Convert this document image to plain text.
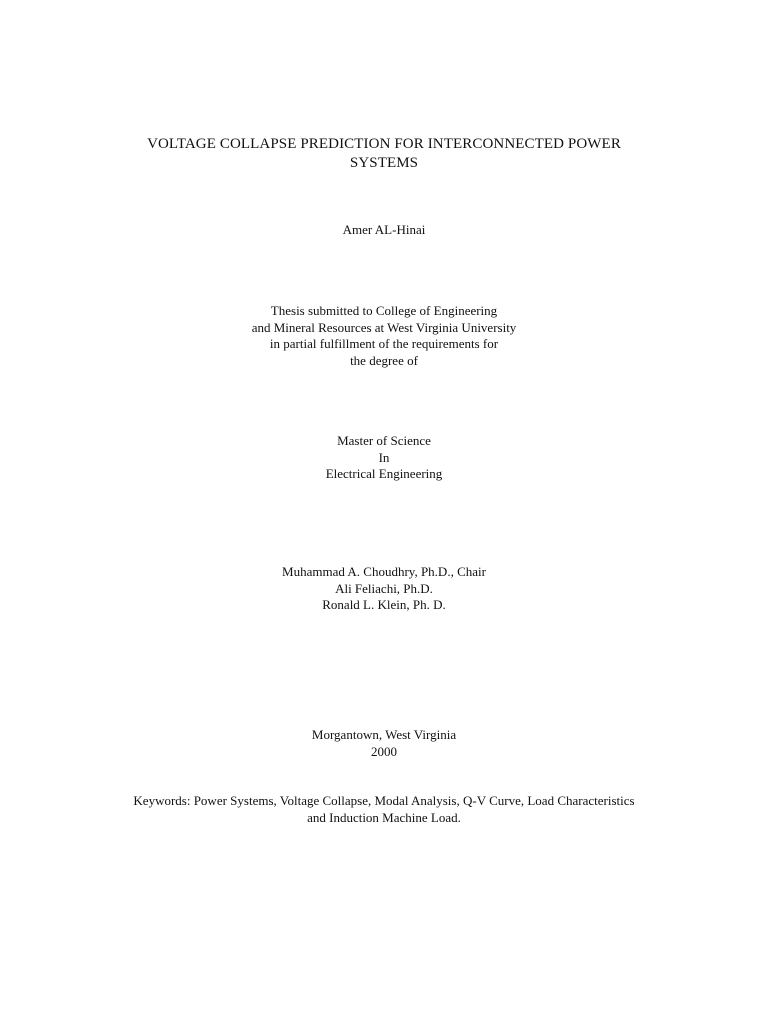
VOLTAGE COLLAPSE PREDICTION FOR INTERCONNECTED POWER
SYSTEMS
Amer AL-Hinai
Thesis submitted to College of Engineering
and Mineral Resources at West Virginia University
in partial fulfillment of the requirements for
the degree of
Master of Science
In
Electrical Engineering
Muhammad A. Choudhry, Ph.D., Chair
Ali Feliachi, Ph.D.
Ronald L. Klein, Ph. D.
Morgantown, West Virginia
2000
Keywords: Power Systems, Voltage Collapse, Modal Analysis, Q-V Curve, Load Characteristics
and Induction Machine Load.
